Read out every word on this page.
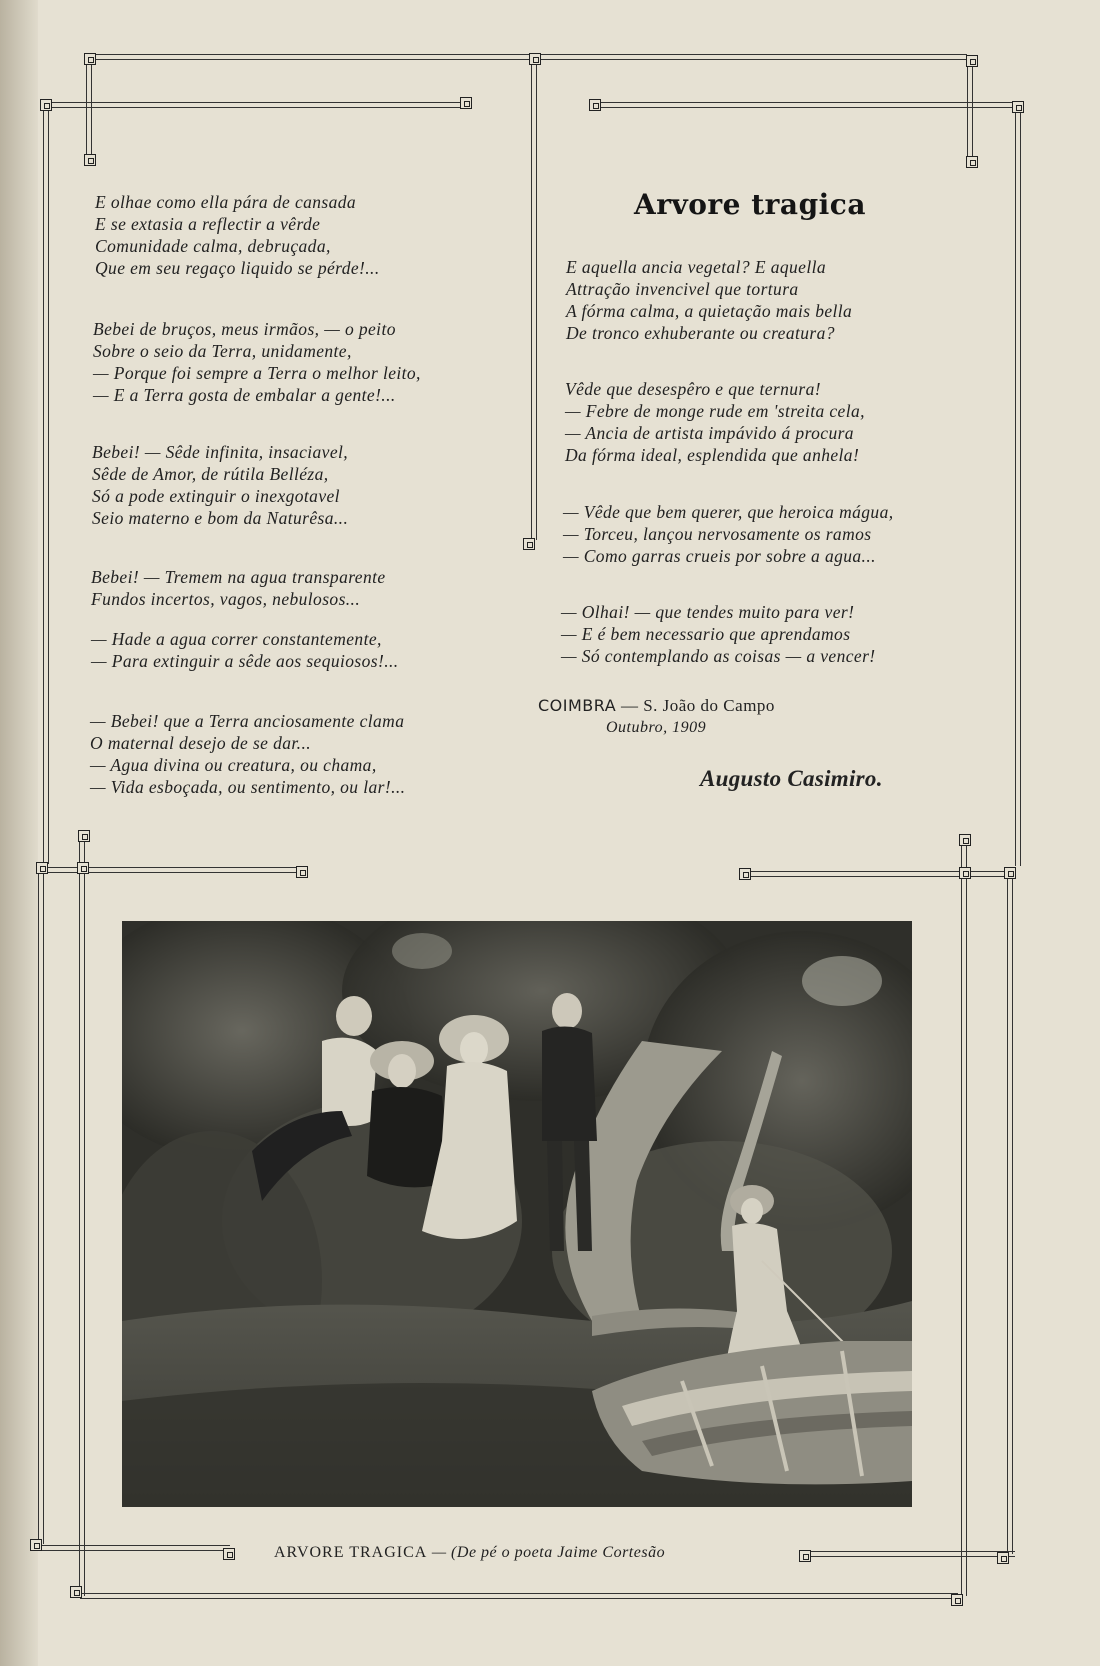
E olhae como ella pára de cansada
E se extasia a reflectir a vêrde
Comunidade calma, debruçada,
Que em seu regaço liquido se pérde!...
Bebei de bruços, meus irmãos, — o peito
Sobre o seio da Terra, unidamente,
— Porque foi sempre a Terra o melhor leito,
— E a Terra gosta de embalar a gente!...
Bebei! — Sêde infinita, insaciavel,
Sêde de Amor, de rútila Belléza,
Só a pode extinguir o inexgotavel
Seio materno e bom da Naturêsa...
Bebei! — Tremem na agua transparente
Fundos incertos, vagos, nebulosos...
— Hade a agua correr constantemente,
— Para extinguir a sêde aos sequiosos!...
— Bebei! que a Terra anciosamente clama
O maternal desejo de se dar...
— Agua divina ou creatura, ou chama,
— Vida esboçada, ou sentimento, ou lar!...
Arvore tragica
E aquella ancia vegetal? E aquella
Attração invencivel que tortura
A fórma calma, a quietação mais bella
De tronco exhuberante ou creatura?
Vêde que desespêro e que ternura!
— Febre de monge rude em 'streita cela,
— Ancia de artista impávido á procura
Da fórma ideal, esplendida que anhela!
— Vêde que bem querer, que heroica mágua,
— Torceu, lançou nervosamente os ramos
— Como garras crueis por sobre a agua...
— Olhai! — que tendes muito para ver!
— E é bem necessario que aprendamos
— Só contemplando as coisas — a vencer!
COIMBRA — S. João do Campo
Outubro, 1909
Augusto Casimiro.
ARVORE TRAGICA — (De pé o poeta Jaime Cortesão
